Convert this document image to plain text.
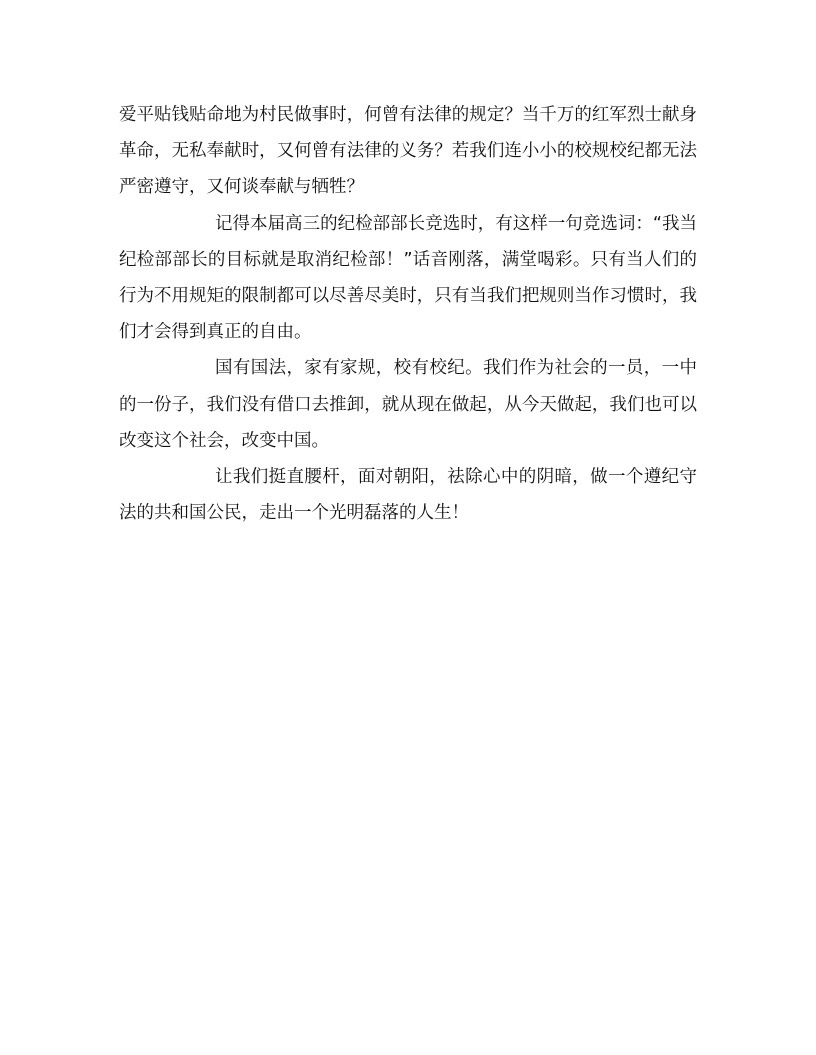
爱平贴钱贴命地为村民做事时，何曾有法律的规定？当千万的红军烈士献身革命，无私奉献时，又何曾有法律的义务？若我们连小小的校规校纪都无法严密遵守，又何谈奉献与牺牲？

记得本届高三的纪检部部长竞选时，有这样一句竞选词：“我当纪检部部长的目标就是取消纪检部！”话音刚落，满堂喝彩。只有当人们的行为不用规矩的限制都可以尽善尽美时，只有当我们把规则当作习惯时，我们才会得到真正的自由。

国有国法，家有家规，校有校纪。我们作为社会的一员，一中的一份子，我们没有借口去推卸，就从现在做起，从今天做起，我们也可以改变这个社会，改变中国。

让我们挺直腰杆，面对朝阳，祛除心中的阴暗，做一个遵纪守法的共和国公民，走出一个光明磊落的人生！
